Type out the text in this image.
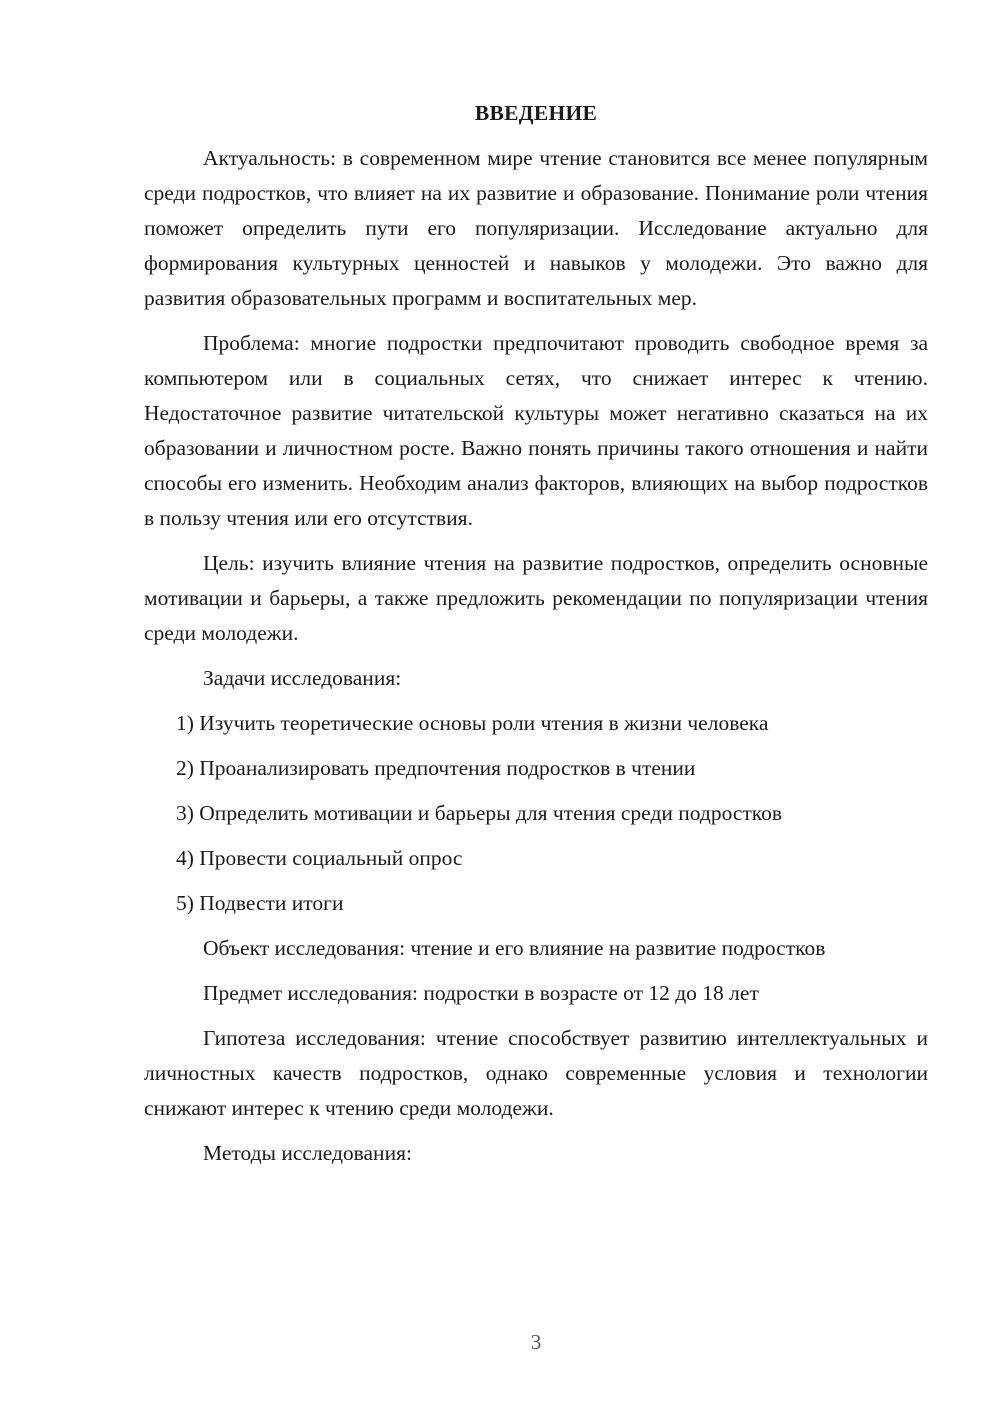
ВВЕДЕНИЕ

Актуальность: в современном мире чтение становится все менее популярным среди подростков, что влияет на их развитие и образование. Понимание роли чтения поможет определить пути его популяризации. Исследование актуально для формирования культурных ценностей и навыков у молодежи. Это важно для развития образовательных программ и воспитательных мер.

Проблема: многие подростки предпочитают проводить свободное время за компьютером или в социальных сетях, что снижает интерес к чтению. Недостаточное развитие читательской культуры может негативно сказаться на их образовании и личностном росте. Важно понять причины такого отношения и найти способы его изменить. Необходим анализ факторов, влияющих на выбор подростков в пользу чтения или его отсутствия.

Цель: изучить влияние чтения на развитие подростков, определить основные мотивации и барьеры, а также предложить рекомендации по популяризации чтения среди молодежи.

Задачи исследования:

1) Изучить теоретические основы роли чтения в жизни человека
2) Проанализировать предпочтения подростков в чтении
3) Определить мотивации и барьеры для чтения среди подростков
4) Провести социальный опрос
5) Подвести итоги

Объект исследования: чтение и его влияние на развитие подростков

Предмет исследования: подростки в возрасте от 12 до 18 лет

Гипотеза исследования: чтение способствует развитию интеллектуальных и личностных качеств подростков, однако современные условия и технологии снижают интерес к чтению среди молодежи.

Методы исследования:

3
